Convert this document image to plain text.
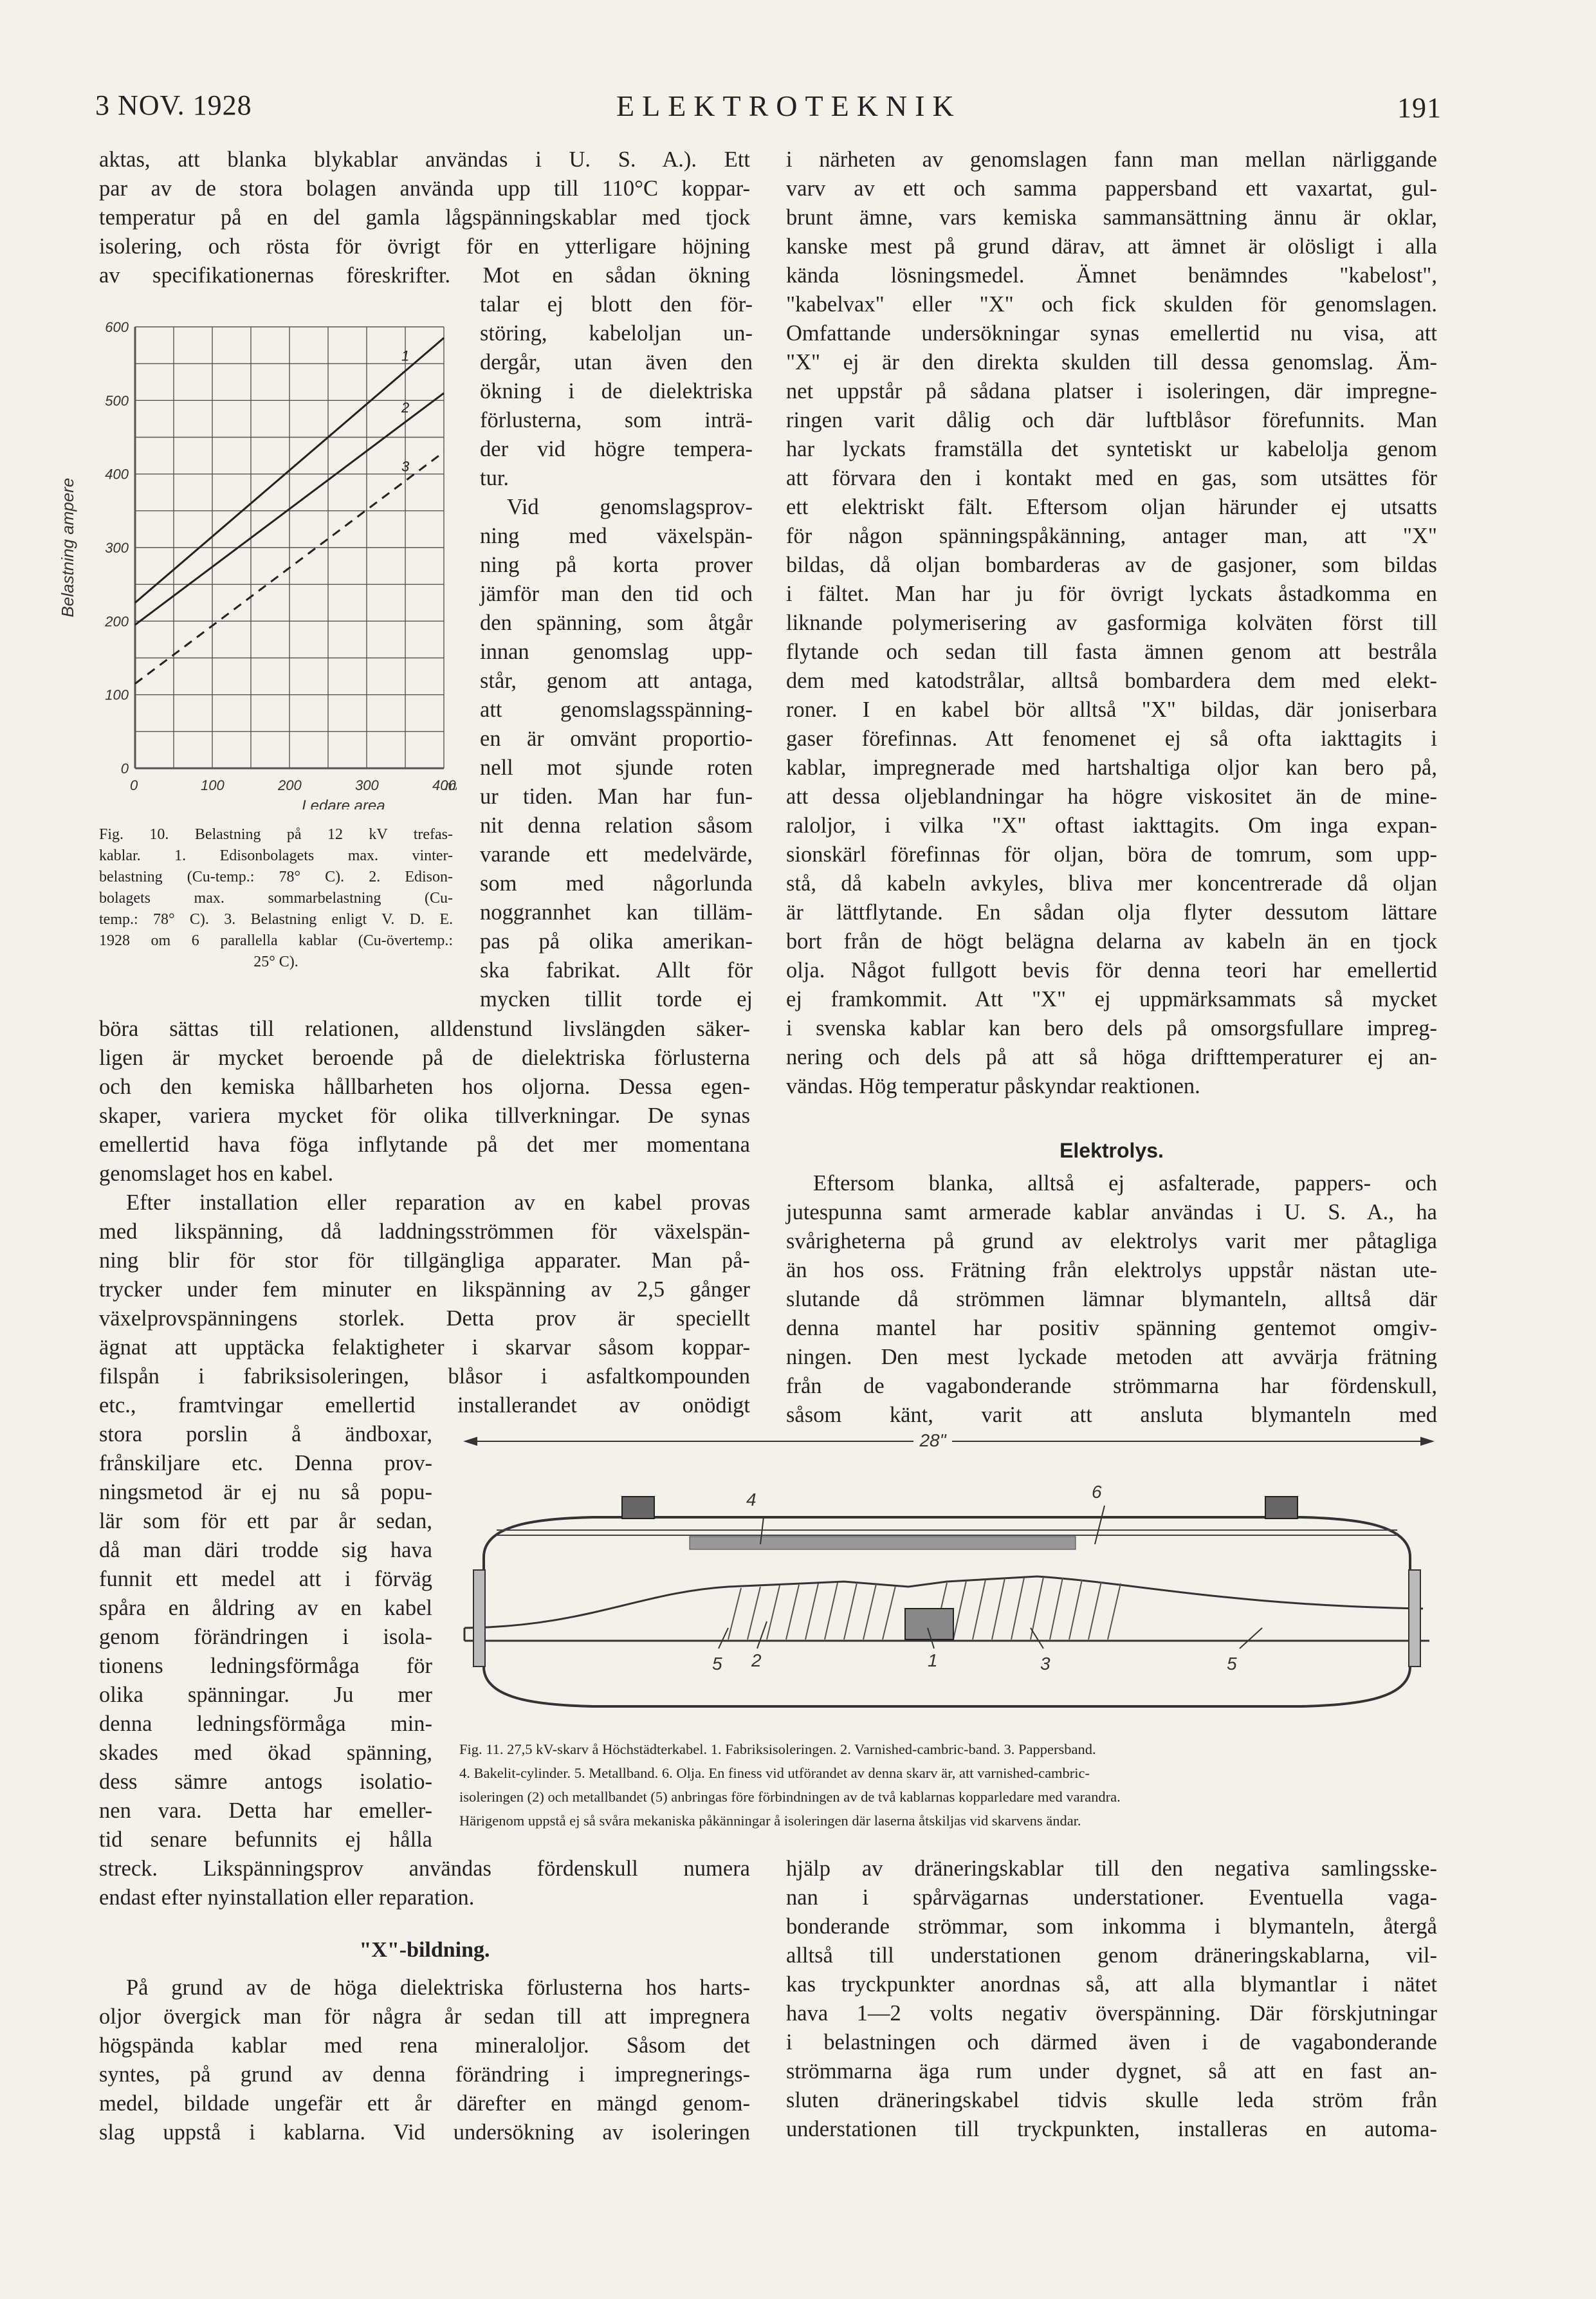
3 NOV. 1928	ELEKTROTEKNIK	191

aktas, att blanka blykablar användas i U. S. A.). Ett
par av de stora bolagen använda upp till 110°C koppar-
temperatur på en del gamla lågspänningskablar med tjock
isolering, och rösta för övrigt för en ytterligare höjning
av specifikationernas föreskrifter. Mot en sådan ökning

0
100
200
300
400
500
600
0	100	200	300	400
m
Ledare area
Belastning ampere
1
2
3
Fig. 10. Belastning på 12 kV trefas-
kablar. 1. Edisonbolagets max. vinter-
belastning (Cu-temp.: 78° C). 2. Edison-
bolagets max. sommarbelastning (Cu-
temp.: 78° C). 3. Belastning enligt V. D. E.
1928 om 6 parallella kablar (Cu-övertemp.:
25° C).
talar ej blott den för-
störing, kabeloljan un-
dergår, utan även den
ökning i de dielektriska
förlusterna, som inträ-
der vid högre tempera-
tur.
Vid genomslagsprov-
ning med växelspän-
ning på korta prover
jämför man den tid och
den spänning, som åtgår
innan genomslag upp-
står, genom att antaga,
att genomslagsspänning-
en är omvänt proportio-
nell mot sjunde roten
ur tiden. Man har fun-
nit denna relation såsom
varande ett medelvärde,
som med någorlunda
noggrannhet kan tilläm-
pas på olika amerikan-
ska fabrikat. Allt för
mycken tillit torde ej
böra sättas till relationen, alldenstund livslängden säker-
ligen är mycket beroende på de dielektriska förlusterna
och den kemiska hållbarheten hos oljorna. Dessa egen-
skaper, variera mycket för olika tillverkningar. De synas
emellertid hava föga inflytande på det mer momentana
genomslaget hos en kabel.
Efter installation eller reparation av en kabel provas
med likspänning, då laddningsströmmen för växelspän-
ning blir för stor för tillgängliga apparater. Man på-
trycker under fem minuter en likspänning av 2,5 gånger
växelprovspänningens storlek. Detta prov är speciellt
ägnat att upptäcka felaktigheter i skarvar såsom koppar-
filspån i fabriksisoleringen, blåsor i asfaltkompounden
etc., framtvingar emellertid installerandet av onödigt
stora porslin å ändboxar,
frånskiljare etc. Denna prov-
ningsmetod är ej nu så popu-
lär som för ett par år sedan,
då man däri trodde sig hava
funnit ett medel att i förväg
spåra en åldring av en kabel
genom förändringen i isola-
tionens ledningsförmåga för
olika spänningar. Ju mer
denna ledningsförmåga min-
skades med ökad spänning,
dess sämre antogs isolatio-
nen vara. Detta har emeller-
tid senare befunnits ej hålla
streck. Likspänningsprov användas fördenskull numera
endast efter nyinstallation eller reparation.
"X"-bildning.
På grund av de höga dielektriska förlusterna hos harts-
oljor övergick man för några år sedan till att impregnera
högspända kablar med rena mineraloljor. Såsom det
syntes, på grund av denna förändring i impregnerings-
medel, bildade ungefär ett år därefter en mängd genom-
slag uppstå i kablarna. Vid undersökning av isoleringen
i närheten av genomslagen fann man mellan närliggande
varv av ett och samma pappersband ett vaxartat, gul-
brunt ämne, vars kemiska sammansättning ännu är oklar,
kanske mest på grund därav, att ämnet är olösligt i alla
kända lösningsmedel. Ämnet benämndes "kabelost",
"kabelvax" eller "X" och fick skulden för genomslagen.
Omfattande undersökningar synas emellertid nu visa, att
"X" ej är den direkta skulden till dessa genomslag. Äm-
net uppstår på sådana platser i isoleringen, där impregne-
ringen varit dålig och där luftblåsor förefunnits. Man
har lyckats framställa det syntetiskt ur kabelolja genom
att förvara den i kontakt med en gas, som utsättes för
ett elektriskt fält. Eftersom oljan härunder ej utsatts
för någon spänningspåkänning, antager man, att "X"
bildas, då oljan bombarderas av de gasjoner, som bildas
i fältet. Man har ju för övrigt lyckats åstadkomma en
liknande polymerisering av gasformiga kolväten först till
flytande och sedan till fasta ämnen genom att bestråla
dem med katodstrålar, alltså bombardera dem med elekt-
roner. I en kabel bör alltså "X" bildas, där joniserbara
gaser förefinnas. Att fenomenet ej så ofta iakttagits i
kablar, impregnerade med hartshaltiga oljor kan bero på,
att dessa oljeblandningar ha högre viskositet än de mine-
raloljor, i vilka "X" oftast iakttagits. Om inga expan-
sionskärl förefinnas för oljan, böra de tomrum, som upp-
stå, då kabeln avkyles, bliva mer koncentrerade då oljan
är lättflytande. En sådan olja flyter dessutom lättare
bort från de högt belägna delarna av kabeln än en tjock
olja. Något fullgott bevis för denna teori har emellertid
ej framkommit. Att "X" ej uppmärksammats så mycket
i svenska kablar kan bero dels på omsorgsfullare impreg-
nering och dels på att så höga drifttemperaturer ej an-
vändas. Hög temperatur påskyndar reaktionen.
Elektrolys.
Eftersom blanka, alltså ej asfalterade, pappers- och
jutespunna samt armerade kablar användas i U. S. A., ha
svårigheterna på grund av elektrolys varit mer påtagliga
än hos oss. Frätning från elektrolys uppstår nästan ute-
slutande då strömmen lämnar blymanteln, alltså där
denna mantel har positiv spänning gentemot omgiv-
ningen. Den mest lyckade metoden att avvärja frätning
från de vagabonderande strömmarna har fördenskull,
såsom känt, varit att ansluta blymanteln med
28"
4	6
5 2	1	3	5
Fig. 11. 27,5 kV-skarv å Höchstädterkabel. 1. Fabriksisoleringen. 2. Varnished-cambric-band. 3. Pappersband.
4. Bakelit-cylinder. 5. Metallband. 6. Olja. En finess vid utförandet av denna skarv är, att varnished-cambric-
isoleringen (2) och metallbandet (5) anbringas före förbindningen av de två kablarnas kopparledare med varandra.
Härigenom uppstå ej så svåra mekaniska påkänningar å isoleringen där laserna åtskiljas vid skarvens ändar.
hjälp av dräneringskablar till den negativa samlingsske-
nan i spårvägarnas understationer. Eventuella vaga-
bonderande strömmar, som inkomma i blymanteln, återgå
alltså till understationen genom dräneringskablarna, vil-
kas tryckpunkter anordnas så, att alla blymantlar i nätet
hava 1—2 volts negativ överspänning. Där förskjutningar
i belastningen och därmed även i de vagabonderande
strömmarna äga rum under dygnet, så att en fast an-
sluten dräneringskabel tidvis skulle leda ström från
understationen till tryckpunkten, installeras en automa-
